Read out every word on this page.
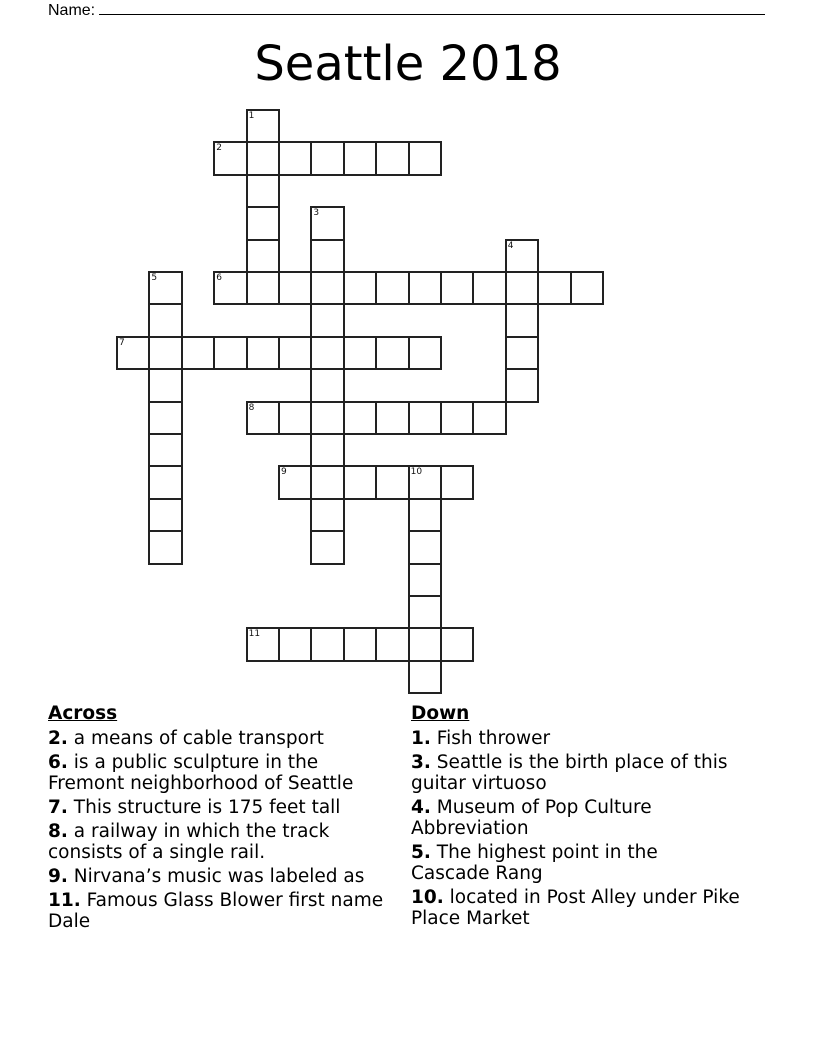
Name:
Seattle 2018
1
2
3
4
5	6
7
8
9	10
11
Across
2. a means of cable transport
6. is a public sculpture in the Fremont neighborhood of Seattle
7. This structure is 175 feet tall
8. a railway in which the track consists of a single rail.
9. Nirvana’s music was labeled as
11. Famous Glass Blower first name Dale
Down
1. Fish thrower
3. Seattle is the birth place of this guitar virtuoso
4. Museum of Pop Culture Abbreviation
5. The highest point in the Cascade Rang
10. located in Post Alley under Pike Place Market
